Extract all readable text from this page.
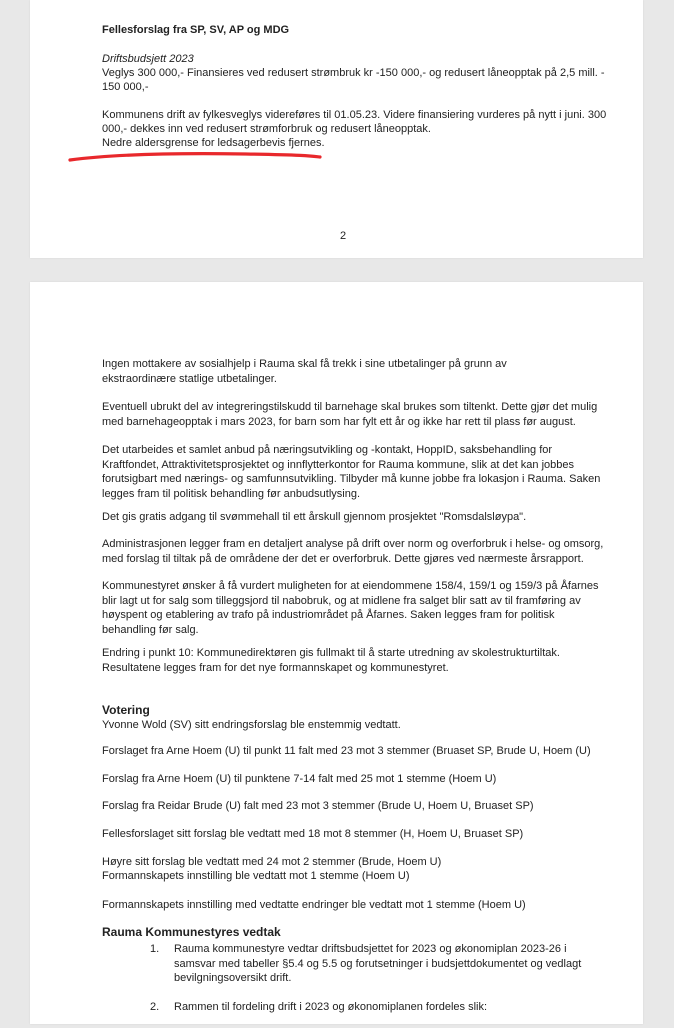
Fellesforslag fra SP, SV, AP og MDG

Driftsbudsjett 2023

Veglys 300 000,- Finansieres ved redusert strømbruk kr -150 000,- og redusert låneopptak på 2,5 mill. -

150 000,-

Kommunens drift av fylkesveglys videreføres til 01.05.23. Videre finansiering vurderes på nytt i juni. 300

000,- dekkes inn ved redusert strømforbruk og redusert låneopptak.

Nedre aldersgrense for ledsagerbevis fjernes.

2

Ingen mottakere av sosialhjelp i Rauma skal få trekk i sine utbetalinger på grunn av

ekstraordinære statlige utbetalinger.

Eventuell ubrukt del av integreringstilskudd til barnehage skal brukes som tiltenkt. Dette gjør det mulig

med barnehageopptak i mars 2023, for barn som har fylt ett år og ikke har rett til plass før august.

Det utarbeides et samlet anbud på næringsutvikling og -kontakt, HoppID, saksbehandling for

Kraftfondet, Attraktivitetsprosjektet og innflytterkontor for Rauma kommune, slik at det kan jobbes

forutsigbart med nærings- og samfunnsutvikling. Tilbyder må kunne jobbe fra lokasjon i Rauma. Saken

legges fram til politisk behandling før anbudsutlysing.

Det gis gratis adgang til svømmehall til ett årskull gjennom prosjektet "Romsdalsløypa".

Administrasjonen legger fram en detaljert analyse på drift over norm og overforbruk i helse- og omsorg,

med forslag til tiltak på de områdene der det er overforbruk. Dette gjøres ved nærmeste årsrapport.

Kommunestyret ønsker å få vurdert muligheten for at eiendommene 158/4, 159/1 og 159/3 på Åfarnes

blir lagt ut for salg som tilleggsjord til nabobruk, og at midlene fra salget blir satt av til framføring av

høyspent og etablering av trafo på industriområdet på Åfarnes. Saken legges fram for politisk

behandling før salg.

Endring i punkt 10: Kommunedirektøren gis fullmakt til å starte utredning av skolestrukturtiltak.

Resultatene legges fram for det nye formannskapet og kommunestyret.

Votering

Yvonne Wold (SV) sitt endringsforslag ble enstemmig vedtatt.

Forslaget fra Arne Hoem (U) til punkt 11 falt med 23 mot 3 stemmer (Bruaset SP, Brude U, Hoem (U)

Forslag fra Arne Hoem (U) til punktene 7-14 falt med 25 mot 1 stemme (Hoem U)

Forslag fra Reidar Brude (U) falt med 23 mot 3 stemmer (Brude U, Hoem U, Bruaset SP)

Fellesforslaget sitt forslag ble vedtatt med 18 mot 8 stemmer (H, Hoem U, Bruaset SP)

Høyre sitt forslag ble vedtatt med 24 mot 2 stemmer (Brude, Hoem U)

Formannskapets innstilling ble vedtatt mot 1 stemme (Hoem U)

Formannskapets innstilling med vedtatte endringer ble vedtatt mot 1 stemme (Hoem U)

Rauma Kommunestyres vedtak
1. Rauma kommunestyre vedtar driftsbudsjettet for 2023 og økonomiplan 2023-26 i
samsvar med tabeller §5.4 og 5.5 og forutsetninger i budsjettdokumentet og vedlagt
bevilgningsoversikt drift.
2. Rammen til fordeling drift i 2023 og økonomiplanen fordeles slik:
